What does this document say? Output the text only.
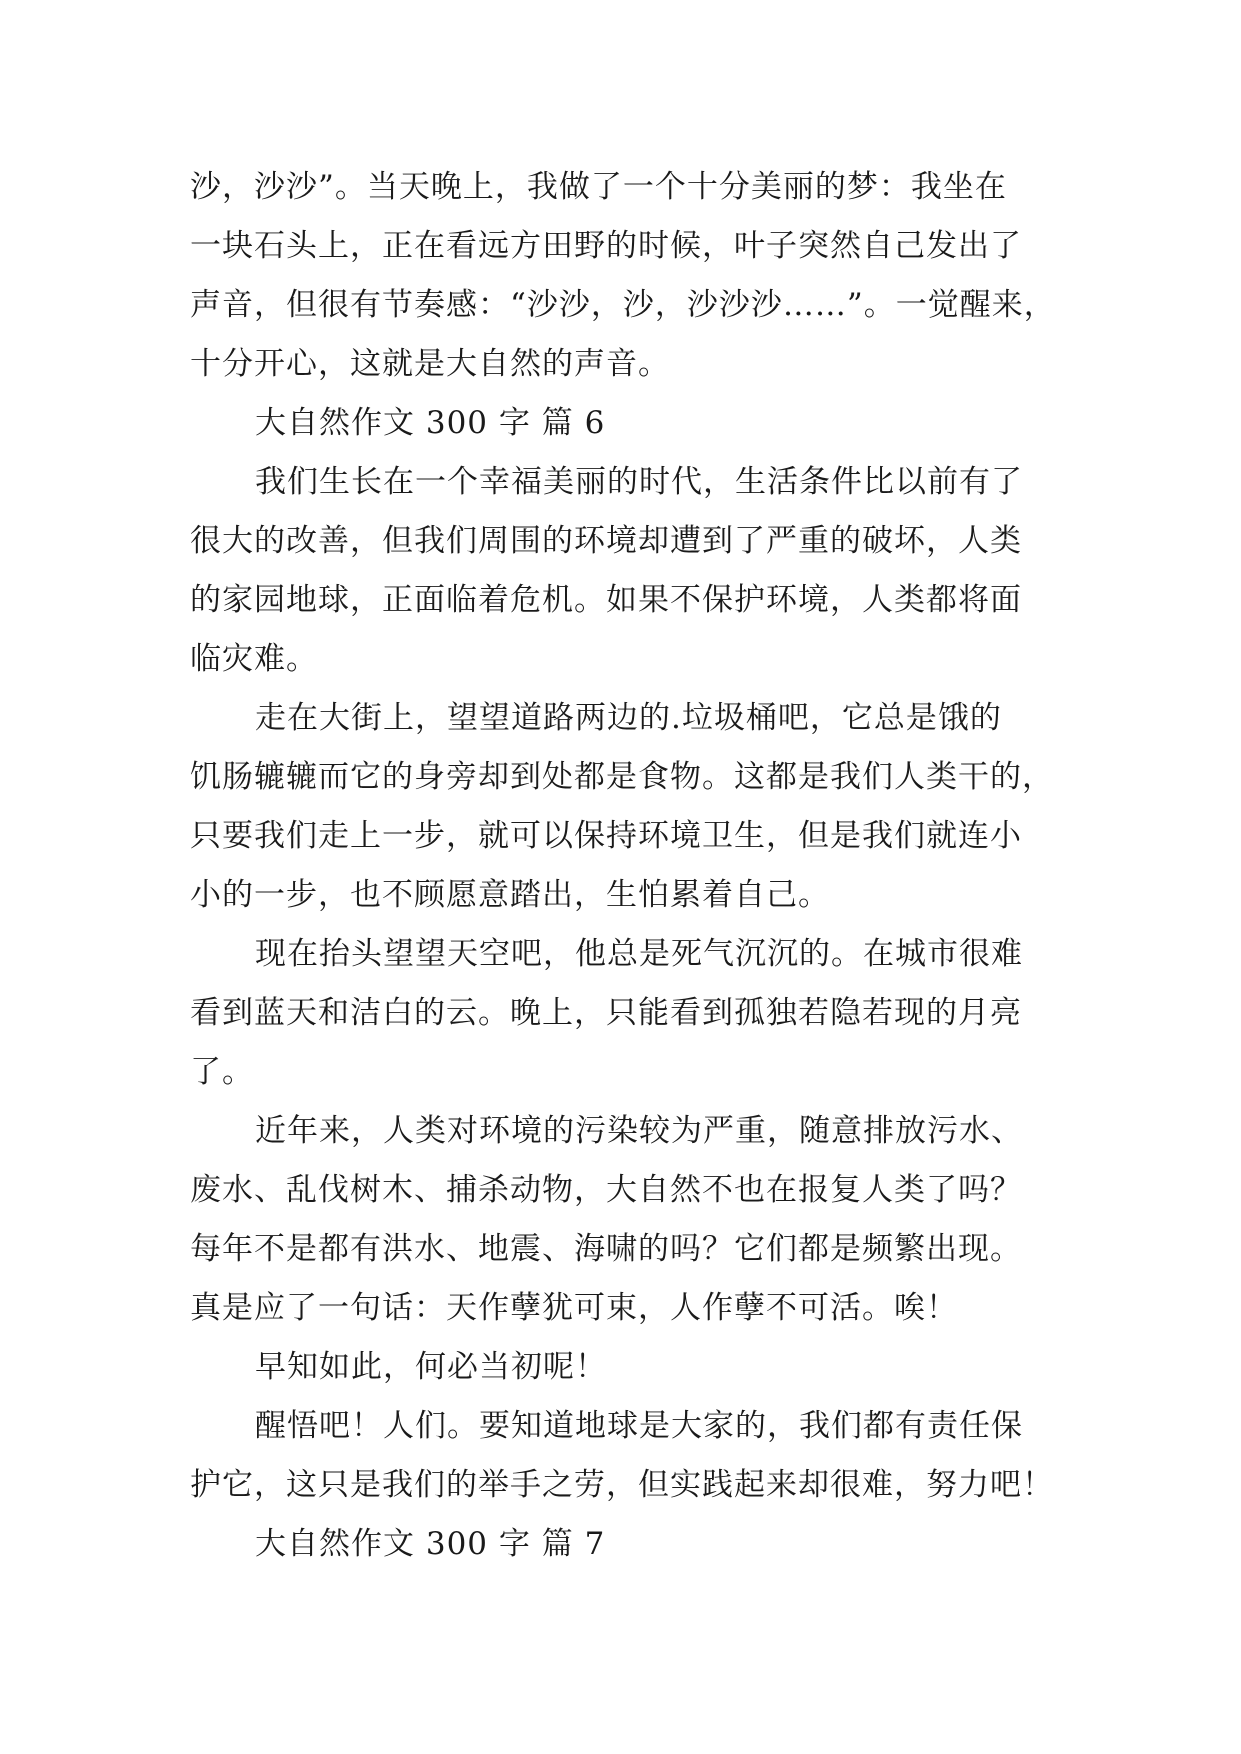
沙，沙沙”。当天晚上，我做了一个十分美丽的梦：我坐在
一块石头上，正在看远方田野的时候，叶子突然自己发出了
声音，但很有节奏感：“沙沙，沙，沙沙沙……”。一觉醒来，
十分开心，这就是大自然的声音。
大自然作文 300 字 篇 6
我们生长在一个幸福美丽的时代，生活条件比以前有了
很大的改善，但我们周围的环境却遭到了严重的破坏，人类
的家园地球，正面临着危机。如果不保护环境，人类都将面
临灾难。
走在大街上，望望道路两边的.垃圾桶吧，它总是饿的
饥肠辘辘而它的身旁却到处都是食物。这都是我们人类干的，
只要我们走上一步，就可以保持环境卫生，但是我们就连小
小的一步，也不顾愿意踏出，生怕累着自己。
现在抬头望望天空吧，他总是死气沉沉的。在城市很难
看到蓝天和洁白的云。晚上，只能看到孤独若隐若现的月亮
了。
近年来，人类对环境的污染较为严重，随意排放污水、
废水、乱伐树木、捕杀动物，大自然不也在报复人类了吗？
每年不是都有洪水、地震、海啸的吗？它们都是频繁出现。
真是应了一句话：天作孽犹可束，人作孽不可活。唉！
早知如此，何必当初呢！
醒悟吧！人们。要知道地球是大家的，我们都有责任保
护它，这只是我们的举手之劳，但实践起来却很难，努力吧！
大自然作文 300 字 篇 7
